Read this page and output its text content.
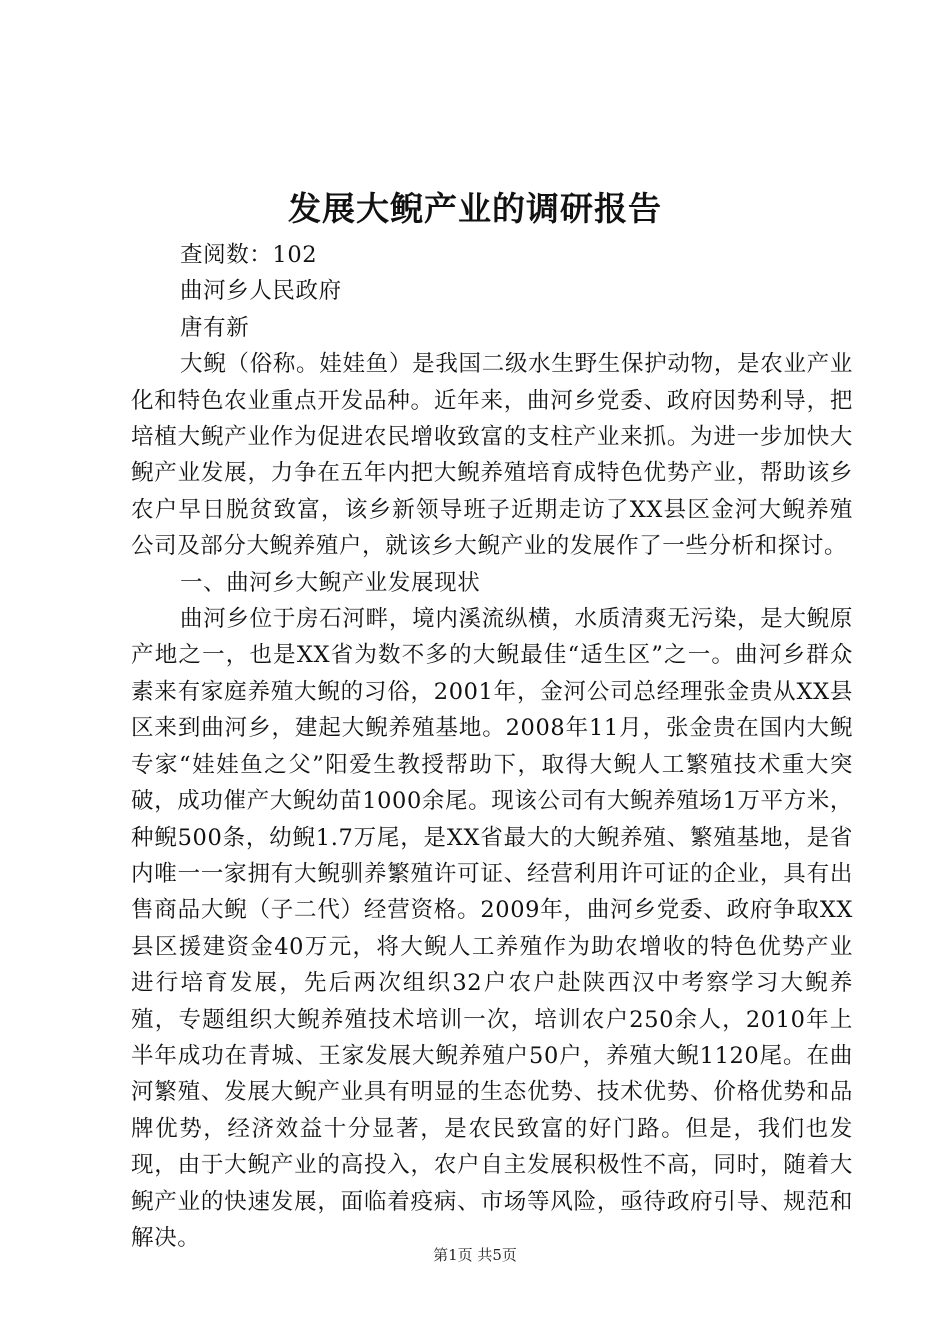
发展大鲵产业的调研报告

查阅数：102

曲河乡人民政府

唐有新

大鲵（俗称。娃娃鱼）是我国二级水生野生保护动物，是农业产业化和特色农业重点开发品种。近年来，曲河乡党委、政府因势利导，把培植大鲵产业作为促进农民增收致富的支柱产业来抓。为进一步加快大鲵产业发展，力争在五年内把大鲵养殖培育成特色优势产业，帮助该乡农户早日脱贫致富，该乡新领导班子近期走访了XX县区金河大鲵养殖公司及部分大鲵养殖户，就该乡大鲵产业的发展作了一些分析和探讨。

一、曲河乡大鲵产业发展现状

曲河乡位于房石河畔，境内溪流纵横，水质清爽无污染，是大鲵原产地之一，也是XX省为数不多的大鲵最佳“适生区”之一。曲河乡群众素来有家庭养殖大鲵的习俗，2001年，金河公司总经理张金贵从XX县区来到曲河乡，建起大鲵养殖基地。2008年11月，张金贵在国内大鲵专家“娃娃鱼之父”阳爱生教授帮助下，取得大鲵人工繁殖技术重大突破，成功催产大鲵幼苗1000余尾。现该公司有大鲵养殖场1万平方米，种鲵500条，幼鲵1.7万尾，是XX省最大的大鲵养殖、繁殖基地，是省内唯一一家拥有大鲵驯养繁殖许可证、经营利用许可证的企业，具有出售商品大鲵（子二代）经营资格。2009年，曲河乡党委、政府争取XX县区援建资金40万元，将大鲵人工养殖作为助农增收的特色优势产业进行培育发展，先后两次组织32户农户赴陕西汉中考察学习大鲵养殖，专题组织大鲵养殖技术培训一次，培训农户250余人，2010年上半年成功在青城、王家发展大鲵养殖户50户，养殖大鲵1120尾。在曲河繁殖、发展大鲵产业具有明显的生态优势、技术优势、价格优势和品牌优势，经济效益十分显著，是农民致富的好门路。但是，我们也发现，由于大鲵产业的高投入，农户自主发展积极性不高，同时，随着大鲵产业的快速发展，面临着疫病、市场等风险，亟待政府引导、规范和解决。

第1页 共5页
